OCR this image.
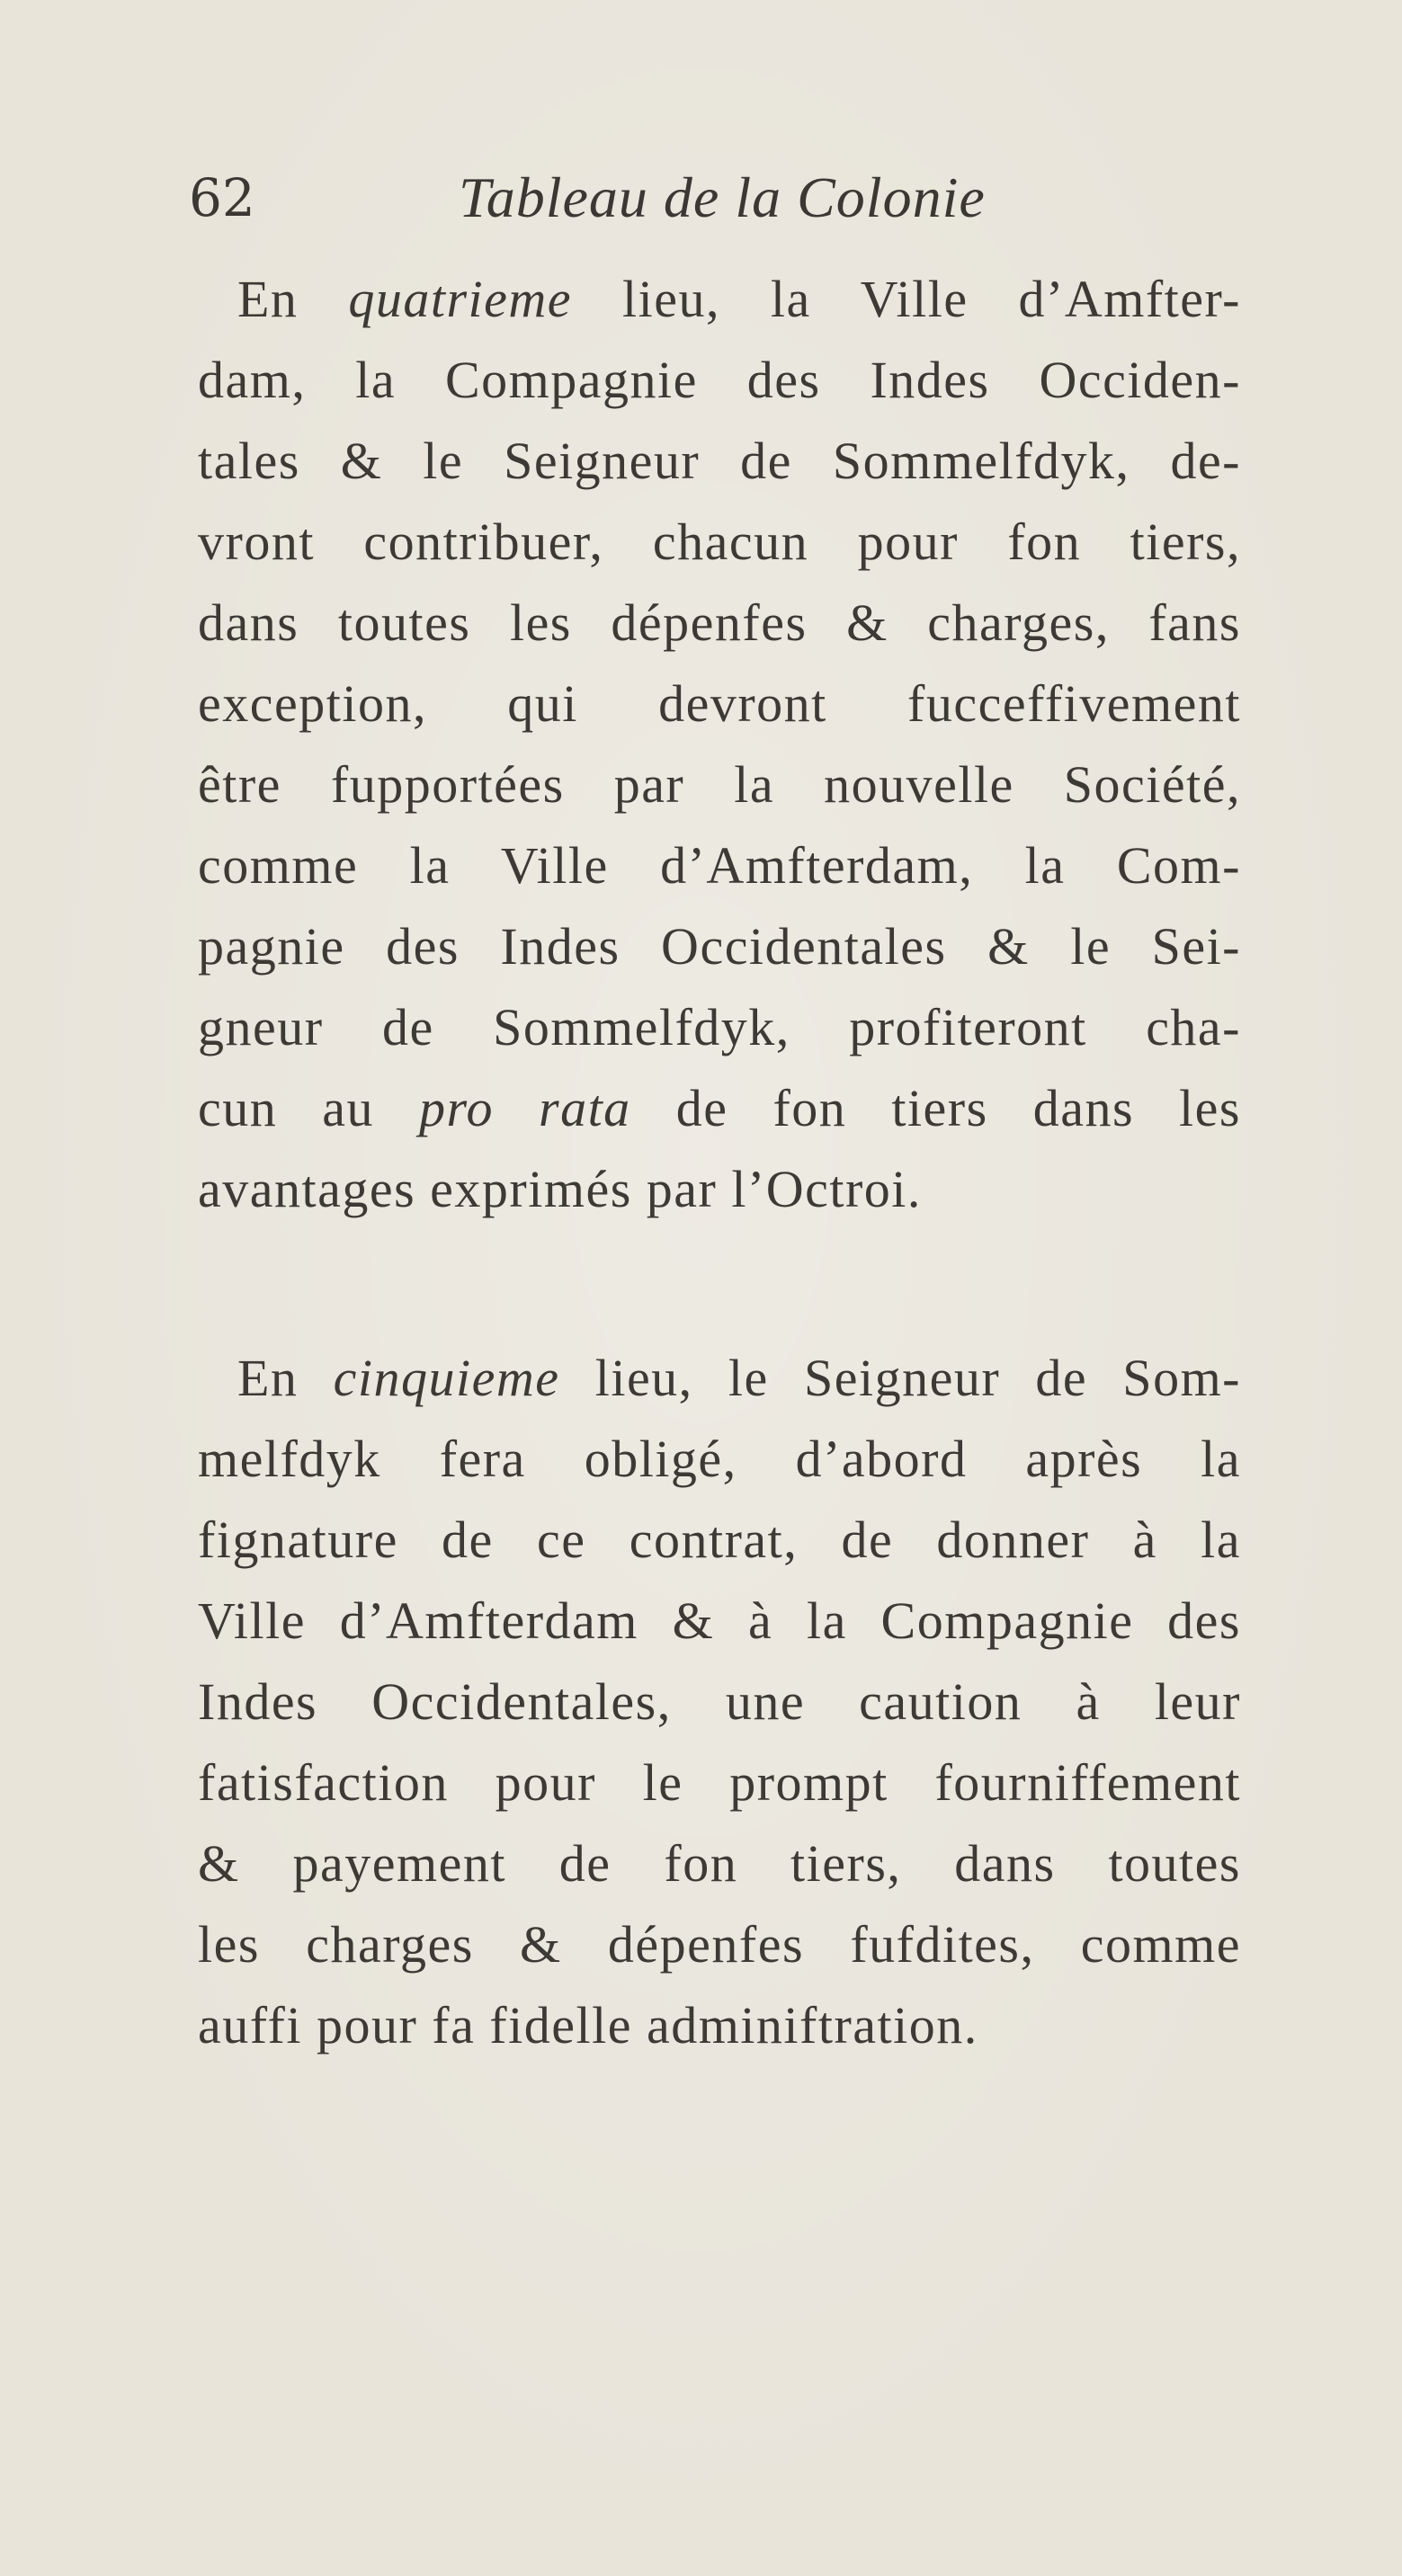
62	Tableau de la Colonie
En quatrieme lieu, la Ville d’Amfter-
dam, la Compagnie des Indes Occiden-
tales & le Seigneur de Sommelfdyk, de-
vront contribuer, chacun pour fon tiers,
dans toutes les dépenfes & charges, fans
exception, qui devront fucceffivement
être fupportées par la nouvelle Société,
comme la Ville d’Amfterdam, la Com-
pagnie des Indes Occidentales & le Sei-
gneur de Sommelfdyk, profiteront cha-
cun au pro rata de fon tiers dans les
avantages exprimés par l’Octroi.
En cinquieme lieu, le Seigneur de Som-
melfdyk fera obligé, d’abord après la
fignature de ce contrat, de donner à la
Ville d’Amfterdam & à la Compagnie des
Indes Occidentales, une caution à leur
fatisfaction pour le prompt fourniffement
& payement de fon tiers, dans toutes
les charges & dépenfes fufdites, comme
auffi pour fa fidelle adminiftration.
